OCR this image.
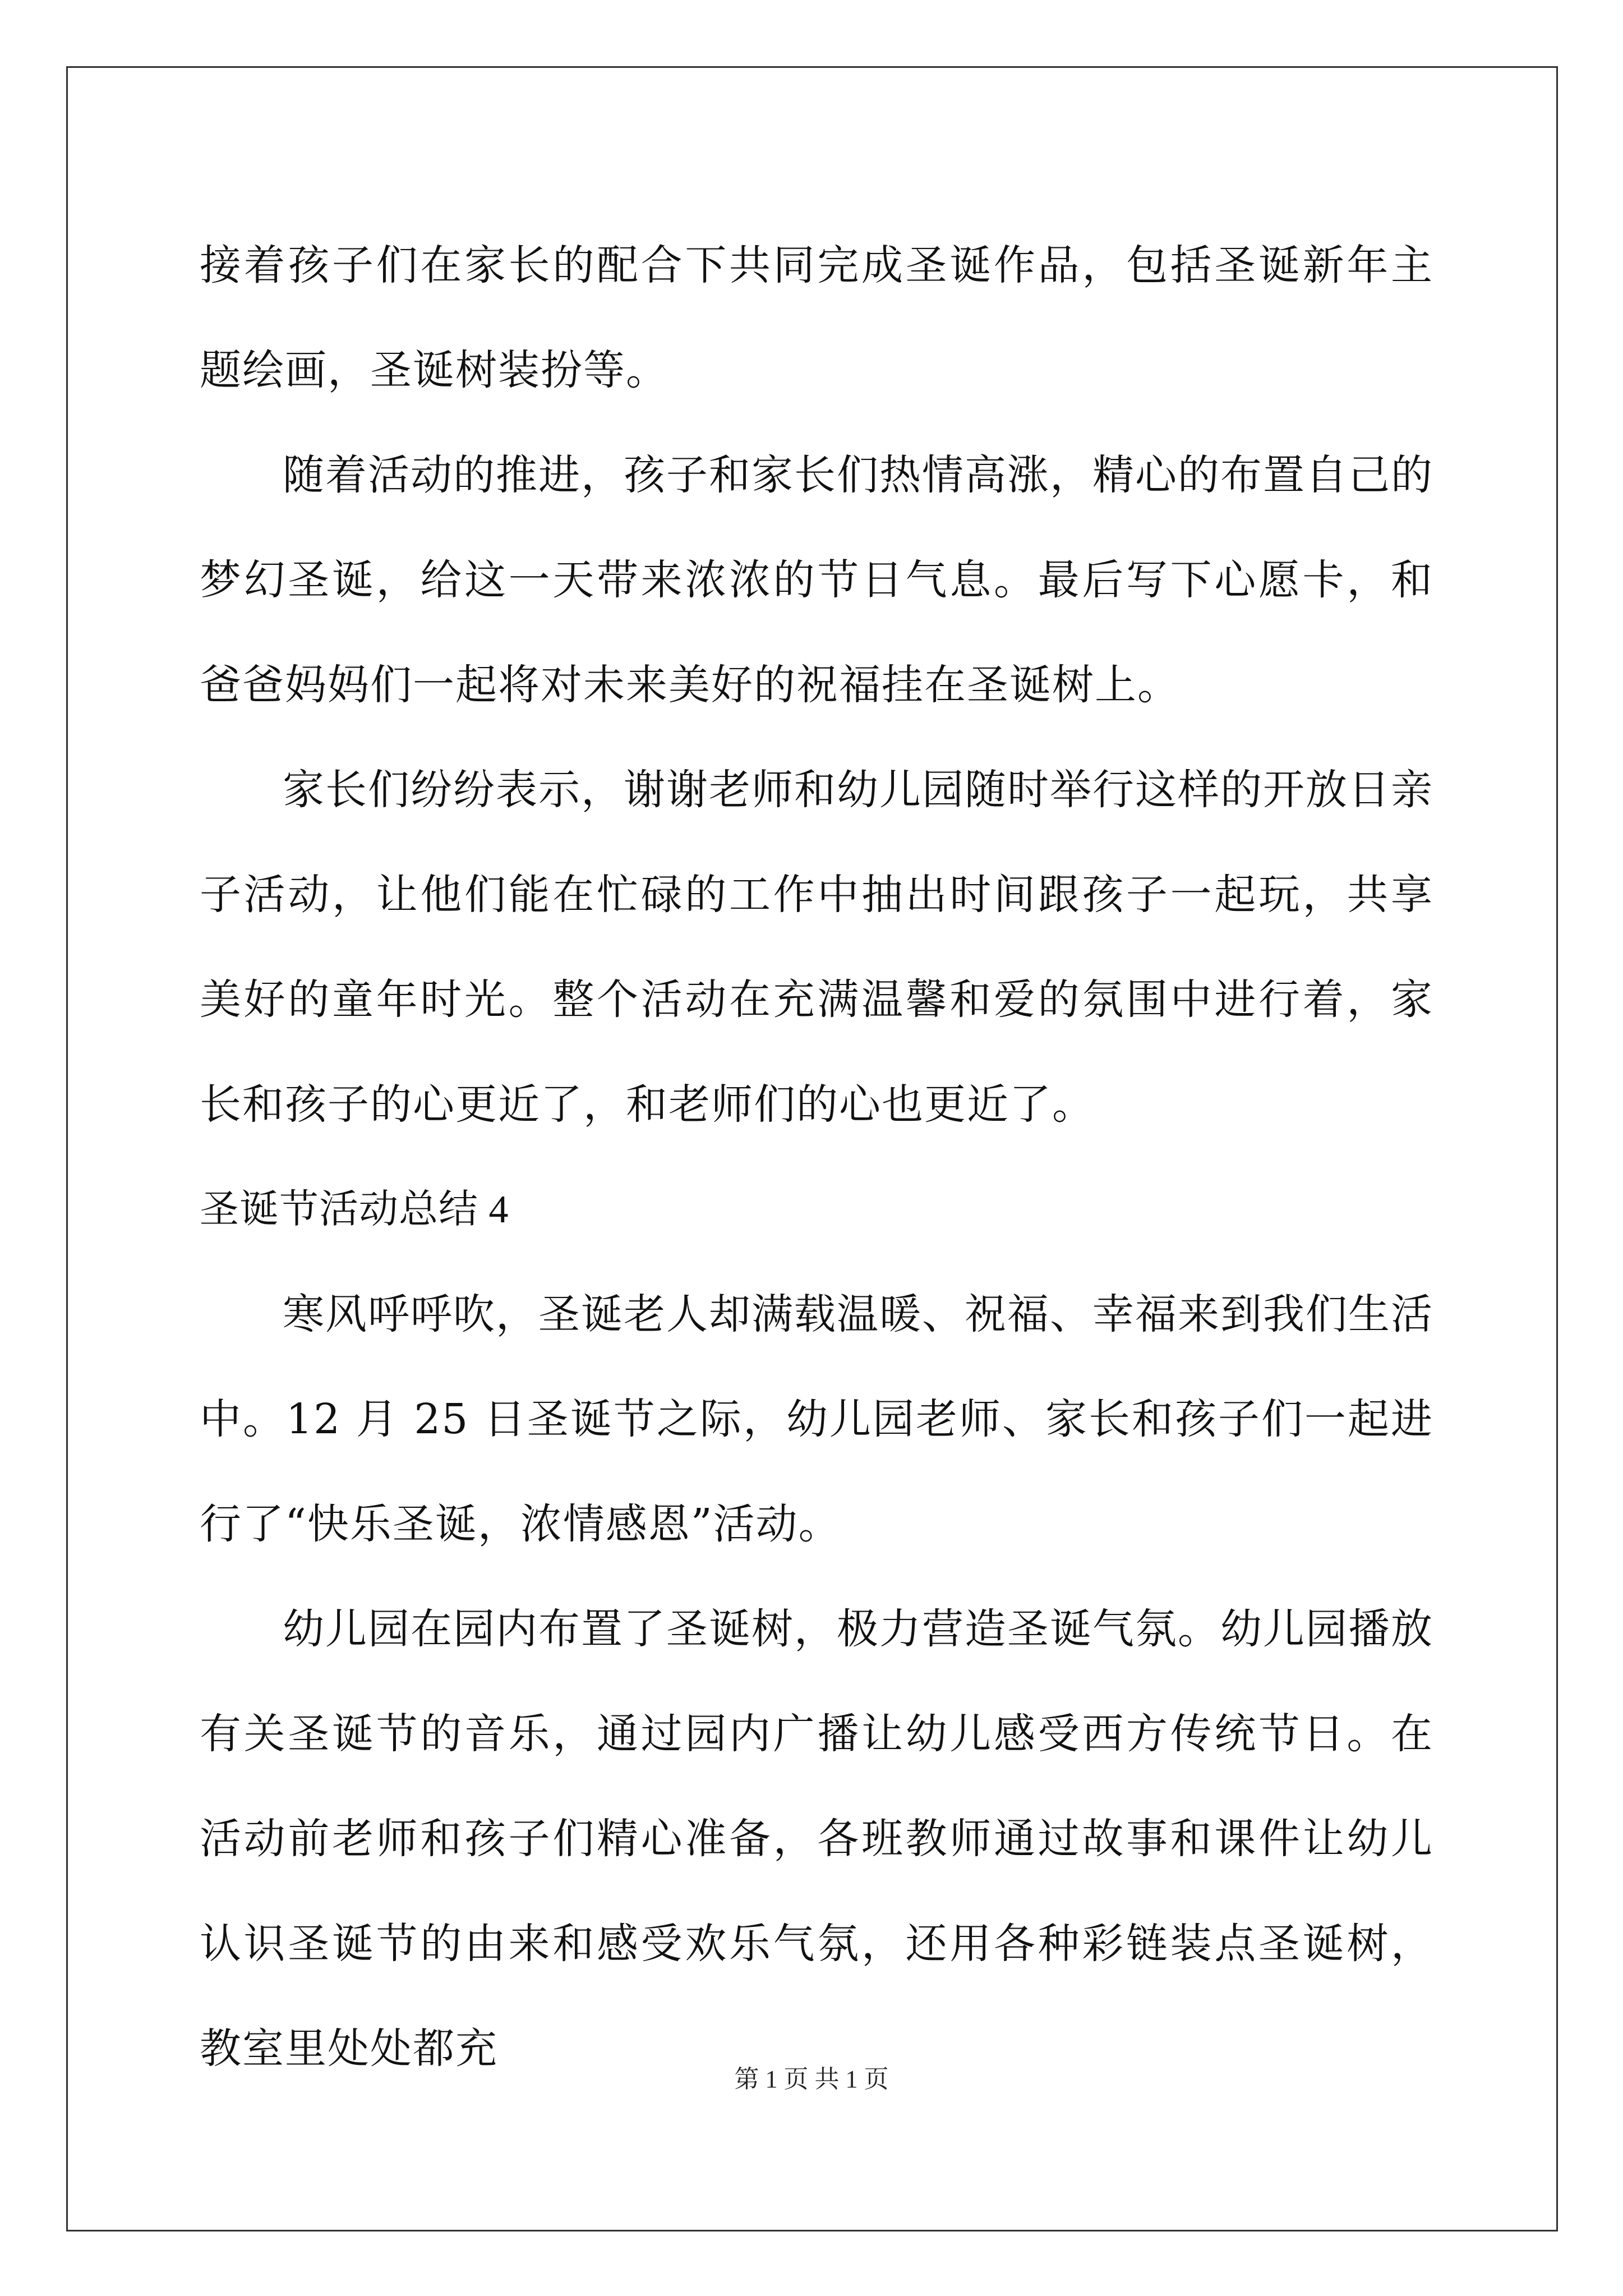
接着孩子们在家长的配合下共同完成圣诞作品，包括圣诞新年主题绘画，圣诞树装扮等。

随着活动的推进，孩子和家长们热情高涨，精心的布置自己的梦幻圣诞，给这一天带来浓浓的节日气息。最后写下心愿卡，和爸爸妈妈们一起将对未来美好的祝福挂在圣诞树上。

家长们纷纷表示，谢谢老师和幼儿园随时举行这样的开放日亲子活动，让他们能在忙碌的工作中抽出时间跟孩子一起玩，共享美好的童年时光。整个活动在充满温馨和爱的氛围中进行着，家长和孩子的心更近了，和老师们的心也更近了。

圣诞节活动总结 4

寒风呼呼吹，圣诞老人却满载温暖、祝福、幸福来到我们生活中。12 月 25 日圣诞节之际，幼儿园老师、家长和孩子们一起进行了“快乐圣诞，浓情感恩”活动。

幼儿园在园内布置了圣诞树，极力营造圣诞气氛。幼儿园播放有关圣诞节的音乐，通过园内广播让幼儿感受西方传统节日。在活动前老师和孩子们精心准备，各班教师通过故事和课件让幼儿认识圣诞节的由来和感受欢乐气氛，还用各种彩链装点圣诞树，教室里处处都充

第 1 页 共 1 页
